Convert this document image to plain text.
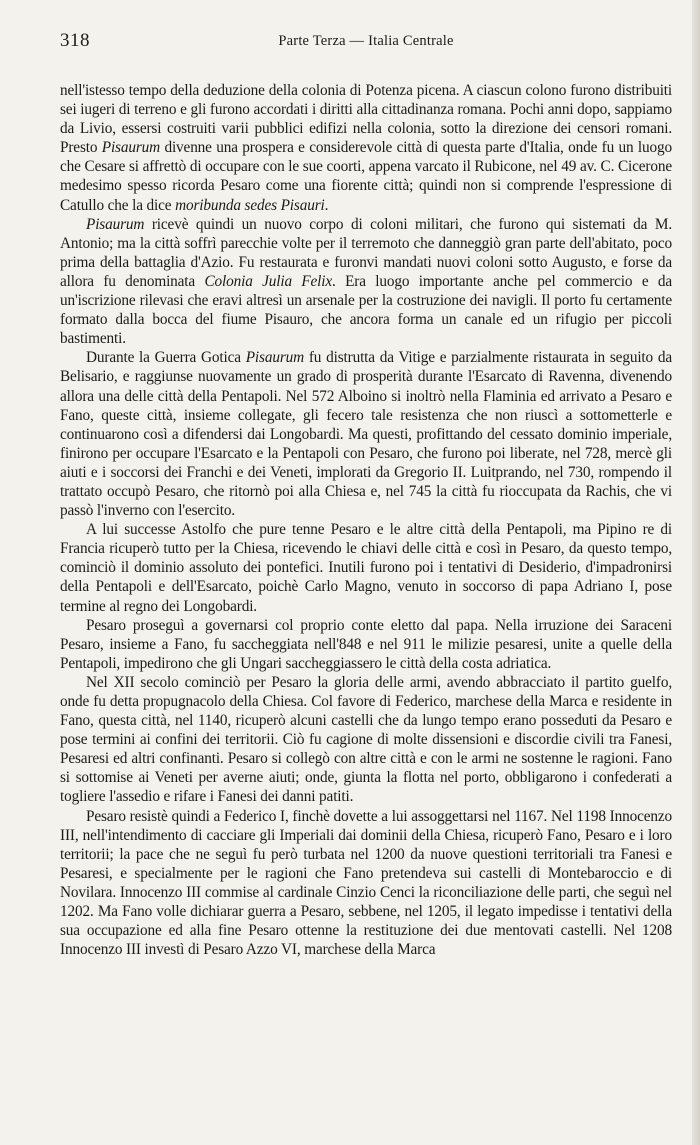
318	Parte Terza — Italia Centrale

nell'istesso tempo della deduzione della colonia di Potenza picena. A ciascun colono furono distribuiti sei iugeri di terreno e gli furono accordati i diritti alla cittadinanza romana. Pochi anni dopo, sappiamo da Livio, essersi costruiti varii pubblici edifizi nella colonia, sotto la direzione dei censori romani. Presto Pisaurum divenne una prospera e considerevole città di questa parte d'Italia, onde fu un luogo che Cesare si affrettò di occupare con le sue coorti, appena varcato il Rubicone, nel 49 av. C. Cicerone medesimo spesso ricorda Pesaro come una fiorente città; quindi non si comprende l'espressione di Catullo che la dice moribunda sedes Pisauri.

Pisaurum ricevè quindi un nuovo corpo di coloni militari, che furono qui sistemati da M. Antonio; ma la città soffrì parecchie volte per il terremoto che danneggiò gran parte dell'abitato, poco prima della battaglia d'Azio. Fu restaurata e furonvi mandati nuovi coloni sotto Augusto, e forse da allora fu denominata Colonia Julia Felix. Era luogo importante anche pel commercio e da un'iscrizione rilevasi che eravi altresì un arsenale per la costruzione dei navigli. Il porto fu certamente formato dalla bocca del fiume Pisauro, che ancora forma un canale ed un rifugio per piccoli bastimenti.

Durante la Guerra Gotica Pisaurum fu distrutta da Vitige e parzialmente ristaurata in seguito da Belisario, e raggiunse nuovamente un grado di prosperità durante l'Esarcato di Ravenna, divenendo allora una delle città della Pentapoli. Nel 572 Alboino si inoltrò nella Flaminia ed arrivato a Pesaro e Fano, queste città, insieme collegate, gli fecero tale resistenza che non riuscì a sottometterle e continuarono così a difendersi dai Longobardi. Ma questi, profittando del cessato dominio imperiale, finirono per occupare l'Esarcato e la Pentapoli con Pesaro, che furono poi liberate, nel 728, mercè gli aiuti e i soccorsi dei Franchi e dei Veneti, implorati da Gregorio II. Luitprando, nel 730, rompendo il trattato occupò Pesaro, che ritornò poi alla Chiesa e, nel 745 la città fu rioccupata da Rachis, che vi passò l'inverno con l'esercito.

A lui successe Astolfo che pure tenne Pesaro e le altre città della Pentapoli, ma Pipino re di Francia ricuperò tutto per la Chiesa, ricevendo le chiavi delle città e così in Pesaro, da questo tempo, cominciò il dominio assoluto dei pontefici. Inutili furono poi i tentativi di Desiderio, d'impadronirsi della Pentapoli e dell'Esarcato, poichè Carlo Magno, venuto in soccorso di papa Adriano I, pose termine al regno dei Longobardi.

Pesaro proseguì a governarsi col proprio conte eletto dal papa. Nella irruzione dei Saraceni Pesaro, insieme a Fano, fu saccheggiata nell'848 e nel 911 le milizie pesaresi, unite a quelle della Pentapoli, impedirono che gli Ungari saccheggiassero le città della costa adriatica.

Nel XII secolo cominciò per Pesaro la gloria delle armi, avendo abbracciato il partito guelfo, onde fu detta propugnacolo della Chiesa. Col favore di Federico, marchese della Marca e residente in Fano, questa città, nel 1140, ricuperò alcuni castelli che da lungo tempo erano posseduti da Pesaro e pose termini ai confini dei territorii. Ciò fu cagione di molte dissensioni e discordie civili tra Fanesi, Pesaresi ed altri confinanti. Pesaro si collegò con altre città e con le armi ne sostenne le ragioni. Fano si sottomise ai Veneti per averne aiuti; onde, giunta la flotta nel porto, obbligarono i confederati a togliere l'assedio e rifare i Fanesi dei danni patiti.

Pesaro resistè quindi a Federico I, finchè dovette a lui assoggettarsi nel 1167. Nel 1198 Innocenzo III, nell'intendimento di cacciare gli Imperiali dai dominii della Chiesa, ricuperò Fano, Pesaro e i loro territorii; la pace che ne seguì fu però turbata nel 1200 da nuove questioni territoriali tra Fanesi e Pesaresi, e specialmente per le ragioni che Fano pretendeva sui castelli di Montebaroccio e di Novilara. Innocenzo III commise al cardinale Cinzio Cenci la riconciliazione delle parti, che seguì nel 1202. Ma Fano volle dichiarar guerra a Pesaro, sebbene, nel 1205, il legato impedisse i tentativi della sua occupazione ed alla fine Pesaro ottenne la restituzione dei due mentovati castelli. Nel 1208 Innocenzo III investì di Pesaro Azzo VI, marchese della Marca
